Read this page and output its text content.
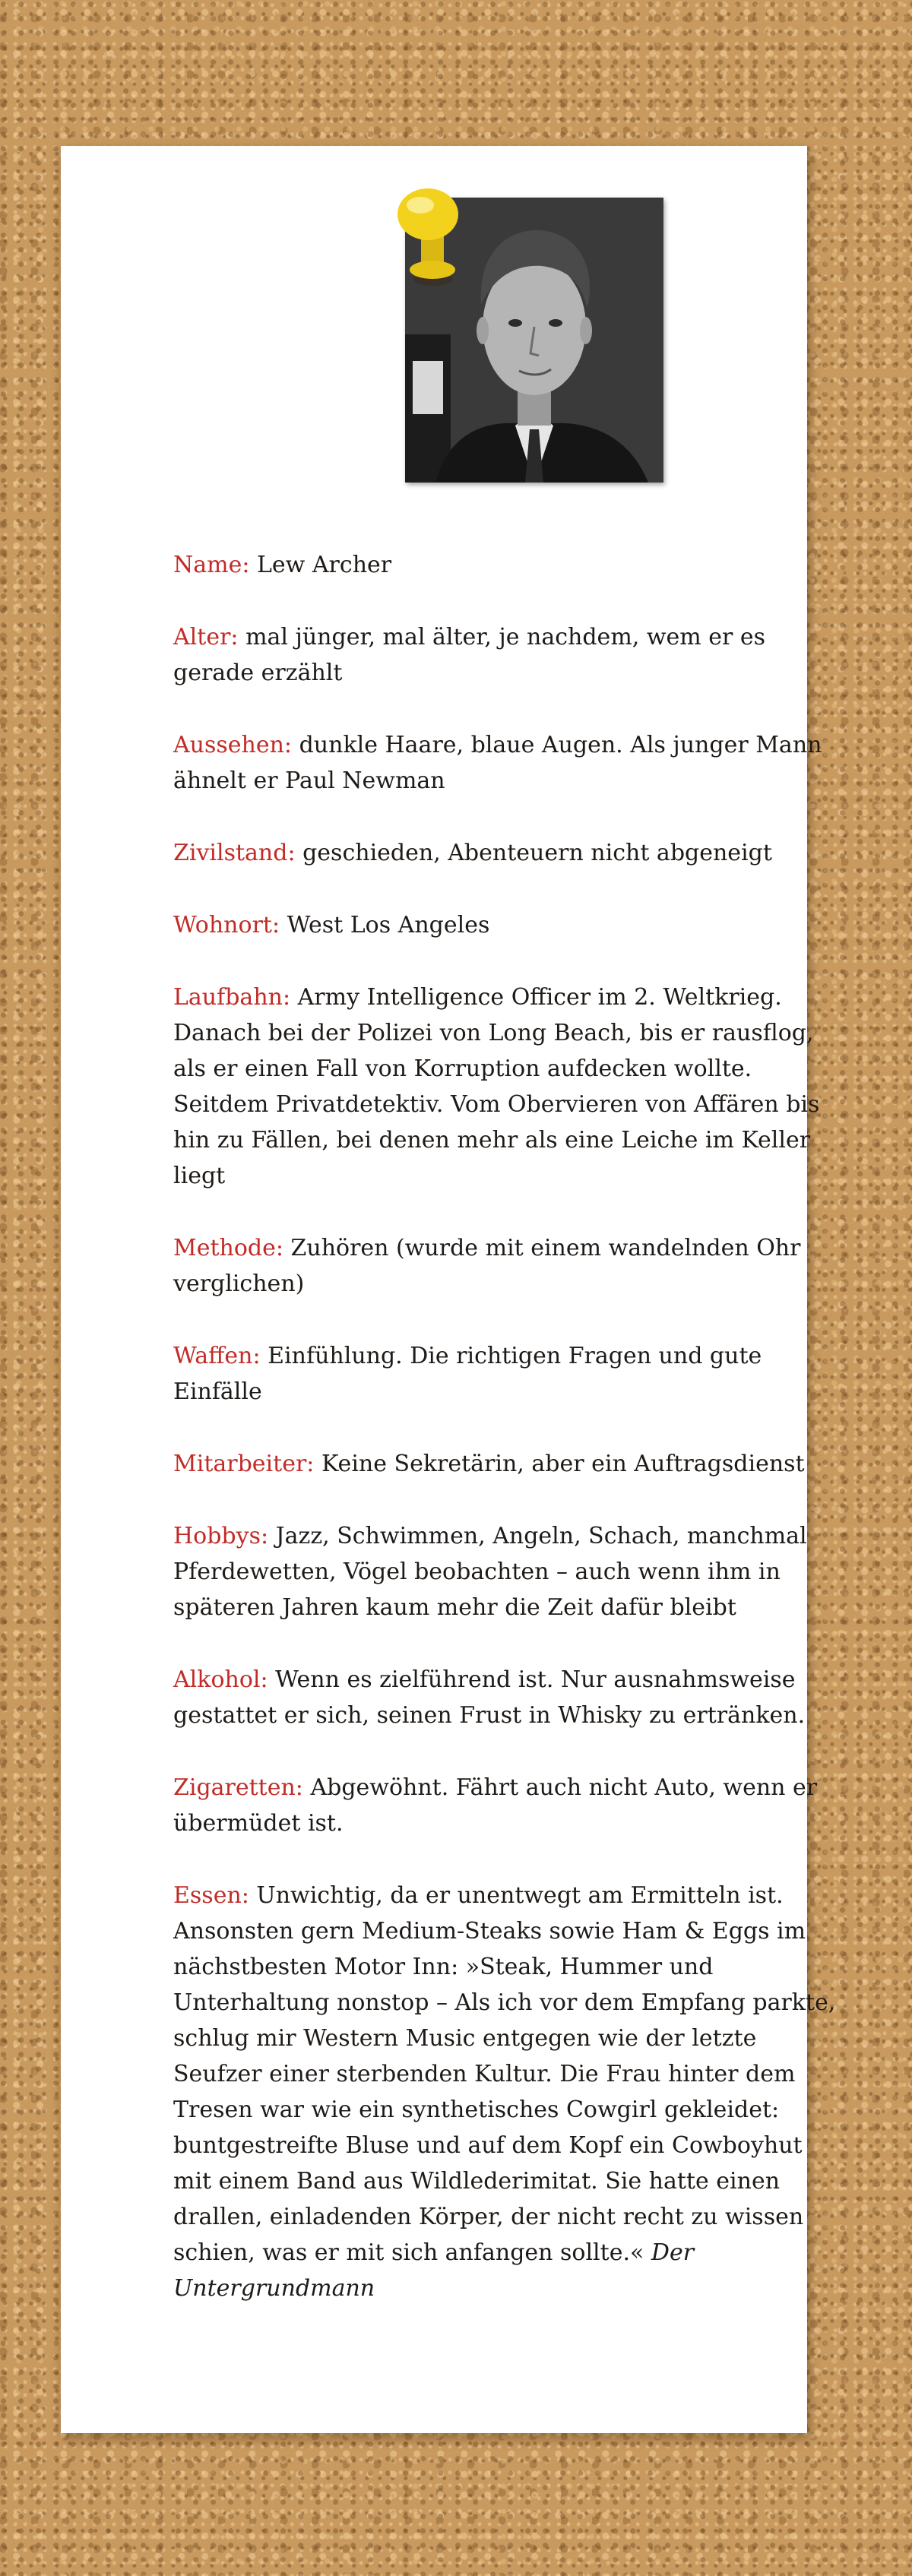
Name: Lew Archer

Alter: mal jünger, mal älter, je nachdem, wem er es gerade erzählt

Aussehen: dunkle Haare, blaue Augen. Als junger Mann ähnelt er Paul Newman

Zivilstand: geschieden, Abenteuern nicht abgeneigt

Wohnort: West Los Angeles

Laufbahn: Army Intelligence Officer im 2. Weltkrieg. Danach bei der Polizei von Long Beach, bis er rausflog, als er einen Fall von Korruption aufdecken wollte. Seitdem Privatdetektiv. Vom Obervieren von Affären bis hin zu Fällen, bei denen mehr als eine Leiche im Keller liegt

Methode: Zuhören (wurde mit einem wandelnden Ohr verglichen)

Waffen: Einfühlung. Die richtigen Fragen und gute Einfälle

Mitarbeiter: Keine Sekretärin, aber ein Auftragsdienst

Hobbys: Jazz, Schwimmen, Angeln, Schach, manchmal Pferdewetten, Vögel beobachten – auch wenn ihm in späteren Jahren kaum mehr die Zeit dafür bleibt

Alkohol: Wenn es zielführend ist. Nur ausnahmsweise gestattet er sich, seinen Frust in Whisky zu ertränken.

Zigaretten: Abgewöhnt. Fährt auch nicht Auto, wenn er übermüdet ist.

Essen: Unwichtig, da er unentwegt am Ermitteln ist. Ansonsten gern Medium-Steaks sowie Ham & Eggs im nächstbesten Motor Inn: »Steak, Hummer und Unterhaltung nonstop – Als ich vor dem Empfang parkte, schlug mir Western Music entgegen wie der letzte Seufzer einer sterbenden Kultur. Die Frau hinter dem Tresen war wie ein synthetisches Cowgirl gekleidet: buntgestreifte Bluse und auf dem Kopf ein Cowboyhut mit einem Band aus Wildlederimitat. Sie hatte einen drallen, einladenden Körper, der nicht recht zu wissen schien, was er mit sich anfangen sollte.« Der Untergrundmann
